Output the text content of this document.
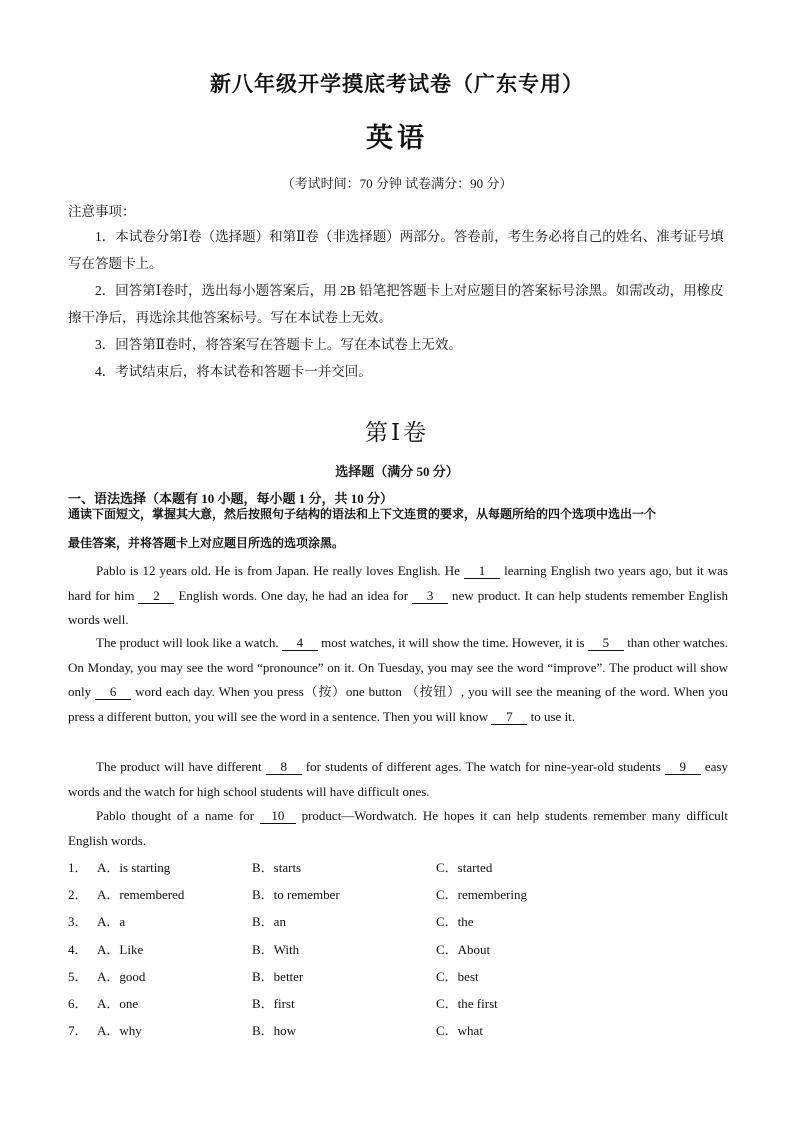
新八年级开学摸底考试卷（广东专用）
英语
（考试时间：70 分钟 试卷满分：90 分）
注意事项：
1．本试卷分第Ⅰ卷（选择题）和第Ⅱ卷（非选择题）两部分。答卷前，考生务必将自己的姓名、准考证号填写在答题卡上。
2．回答第Ⅰ卷时，选出每小题答案后，用 2B 铅笔把答题卡上对应题目的答案标号涂黑。如需改动，用橡皮擦干净后，再选涂其他答案标号。写在本试卷上无效。
3．回答第Ⅱ卷时，将答案写在答题卡上。写在本试卷上无效。
4．考试结束后，将本试卷和答题卡一并交回。
第Ⅰ卷
选择题（满分 50 分）
一、语法选择（本题有 10 小题，每小题 1 分，共 10 分）
通读下面短文，掌握其大意，然后按照句子结构的语法和上下文连贯的要求，从每题所给的四个选项中选出一个
最佳答案，并将答题卡上对应题目所选的选项涂黑。
Pablo is 12 years old. He is from Japan. He really loves English. He 1 learning English two years ago, but it was hard for him 2 English words. One day, he had an idea for 3 new product. It can help students remember English words well.
The product will look like a watch. 4 most watches, it will show the time. However, it is 5 than other watches. On Monday, you may see the word “pronounce” on it. On Tuesday, you may see the word “improve”. The product will show only 6 word each day. When you press（按）one button （按钮）, you will see the meaning of the word. When you press a different button, you will see the word in a sentence. Then you will know 7 to use it.
The product will have different 8 for students of different ages. The watch for nine-year-old students 9 easy words and the watch for high school students will have difficult ones.
Pablo thought of a name for 10 product—Wordwatch. He hopes it can help students remember many difficult English words.
1． A．is starting	B．starts	C．started
2． A．remembered	B．to remember	C．remembering
3． A．a	B．an	C．the
4． A．Like	B．With	C．About
5． A．good	B．better	C．best
6． A．one	B．first	C．the first
7． A．why	B．how	C．what
